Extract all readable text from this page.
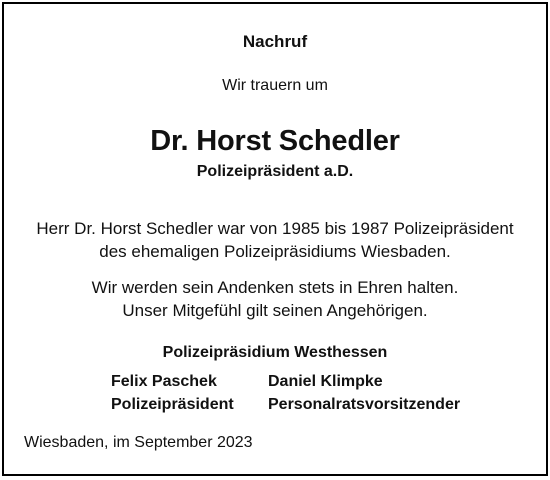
Nachruf
Wir trauern um
Dr. Horst Schedler
Polizeipräsident a.D.
Herr Dr. Horst Schedler war von 1985 bis 1987 Polizeipräsident
des ehemaligen Polizeipräsidiums Wiesbaden.
Wir werden sein Andenken stets in Ehren halten.
Unser Mitgefühl gilt seinen Angehörigen.
Polizeipräsidium Westhessen
Felix Paschek
Polizeipräsident
Daniel Klimpke
Personalratsvorsitzender
Wiesbaden, im September 2023
